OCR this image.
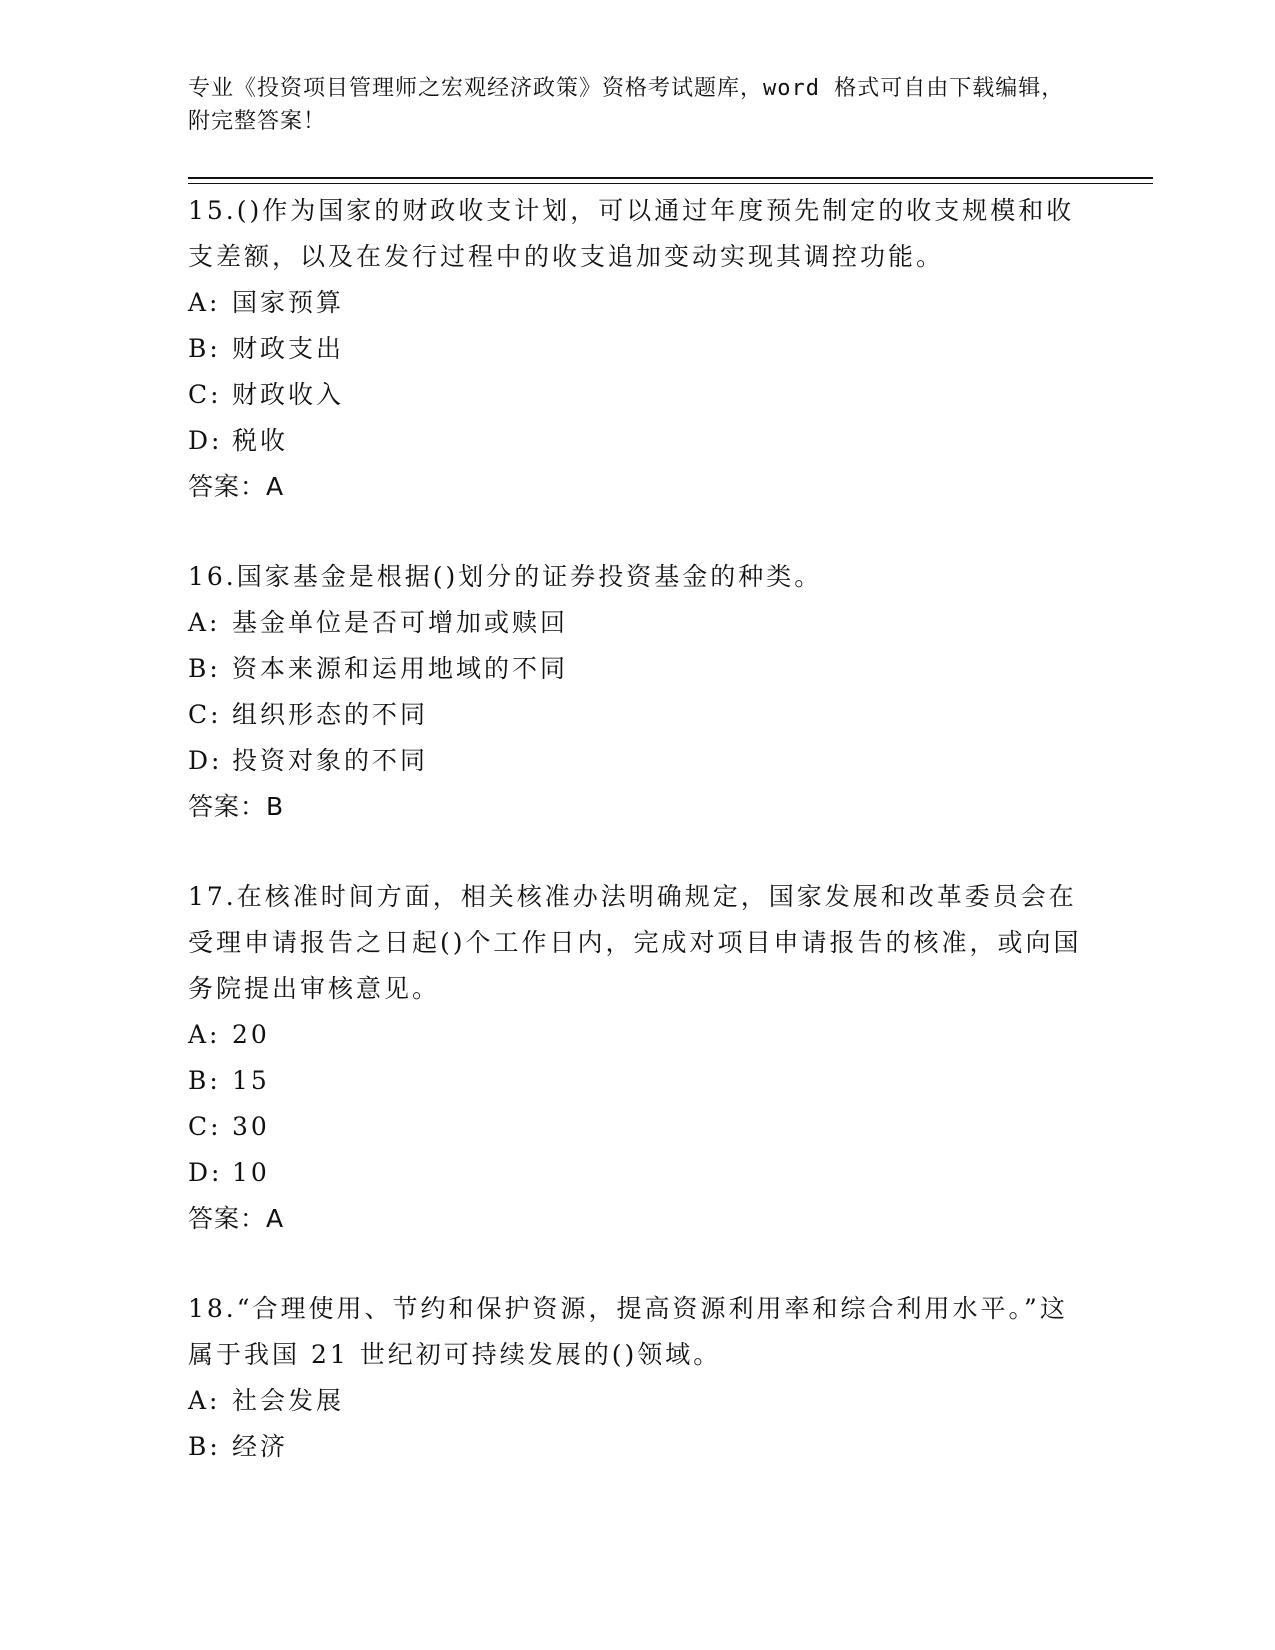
专业《投资项目管理师之宏观经济政策》资格考试题库，word 格式可自由下载编辑，附完整答案！
15.()作为国家的财政收支计划，可以通过年度预先制定的收支规模和收支差额，以及在发行过程中的收支追加变动实现其调控功能。
A: 国家预算
B: 财政支出
C: 财政收入
D: 税收
答案：A
16.国家基金是根据()划分的证券投资基金的种类。
A: 基金单位是否可增加或赎回
B: 资本来源和运用地域的不同
C: 组织形态的不同
D: 投资对象的不同
答案：B
17.在核准时间方面，相关核准办法明确规定，国家发展和改革委员会在受理申请报告之日起()个工作日内，完成对项目申请报告的核准，或向国务院提出审核意见。
A: 20
B: 15
C: 30
D: 10
答案：A
18.“合理使用、节约和保护资源，提高资源利用率和综合利用水平。”这属于我国 21 世纪初可持续发展的()领域。
A: 社会发展
B: 经济
